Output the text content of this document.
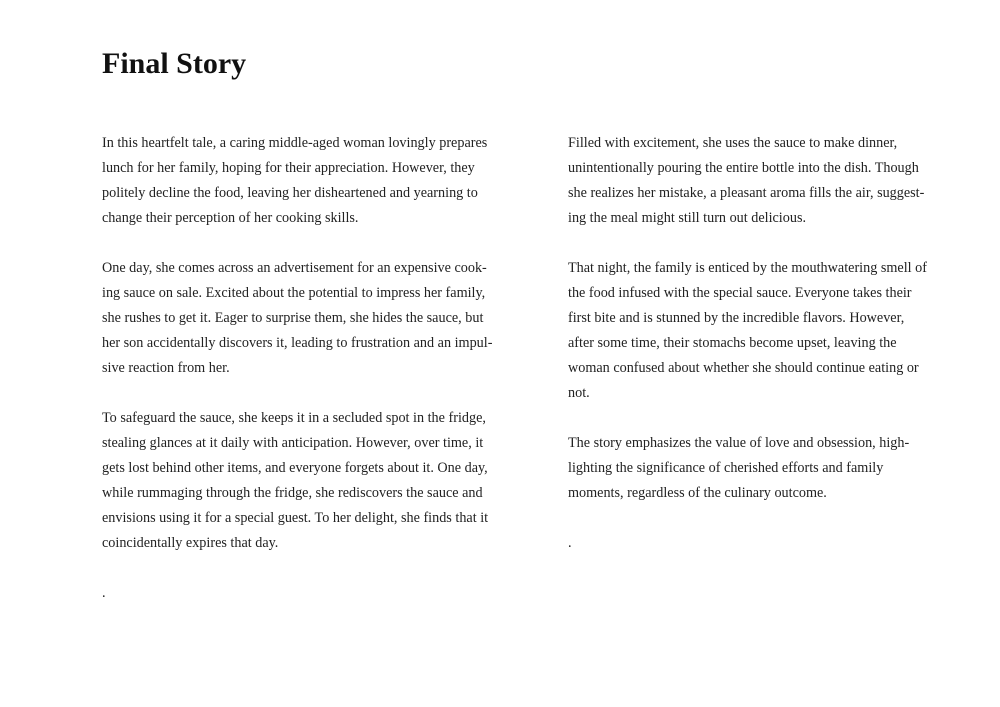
Final Story

In this heartfelt tale, a caring middle-aged woman lovingly prepares
lunch for her family, hoping for their appreciation. However, they
politely decline the food, leaving her disheartened and yearning to
change their perception of her cooking skills.

One day, she comes across an advertisement for an expensive cook-
ing sauce on sale. Excited about the potential to impress her family,
she rushes to get it. Eager to surprise them, she hides the sauce, but
her son accidentally discovers it, leading to frustration and an impul-
sive reaction from her.

To safeguard the sauce, she keeps it in a secluded spot in the fridge,
stealing glances at it daily with anticipation. However, over time, it
gets lost behind other items, and everyone forgets about it. One day,
while rummaging through the fridge, she rediscovers the sauce and
envisions using it for a special guest. To her delight, she finds that it
coincidentally expires that day.

.

Filled with excitement, she uses the sauce to make dinner,
unintentionally pouring the entire bottle into the dish. Though
she realizes her mistake, a pleasant aroma fills the air, suggest-
ing the meal might still turn out delicious.

That night, the family is enticed by the mouthwatering smell of
the food infused with the special sauce. Everyone takes their
first bite and is stunned by the incredible flavors. However,
after some time, their stomachs become upset, leaving the
woman confused about whether she should continue eating or
not.

The story emphasizes the value of love and obsession, high-
lighting the significance of cherished efforts and family
moments, regardless of the culinary outcome.

.
